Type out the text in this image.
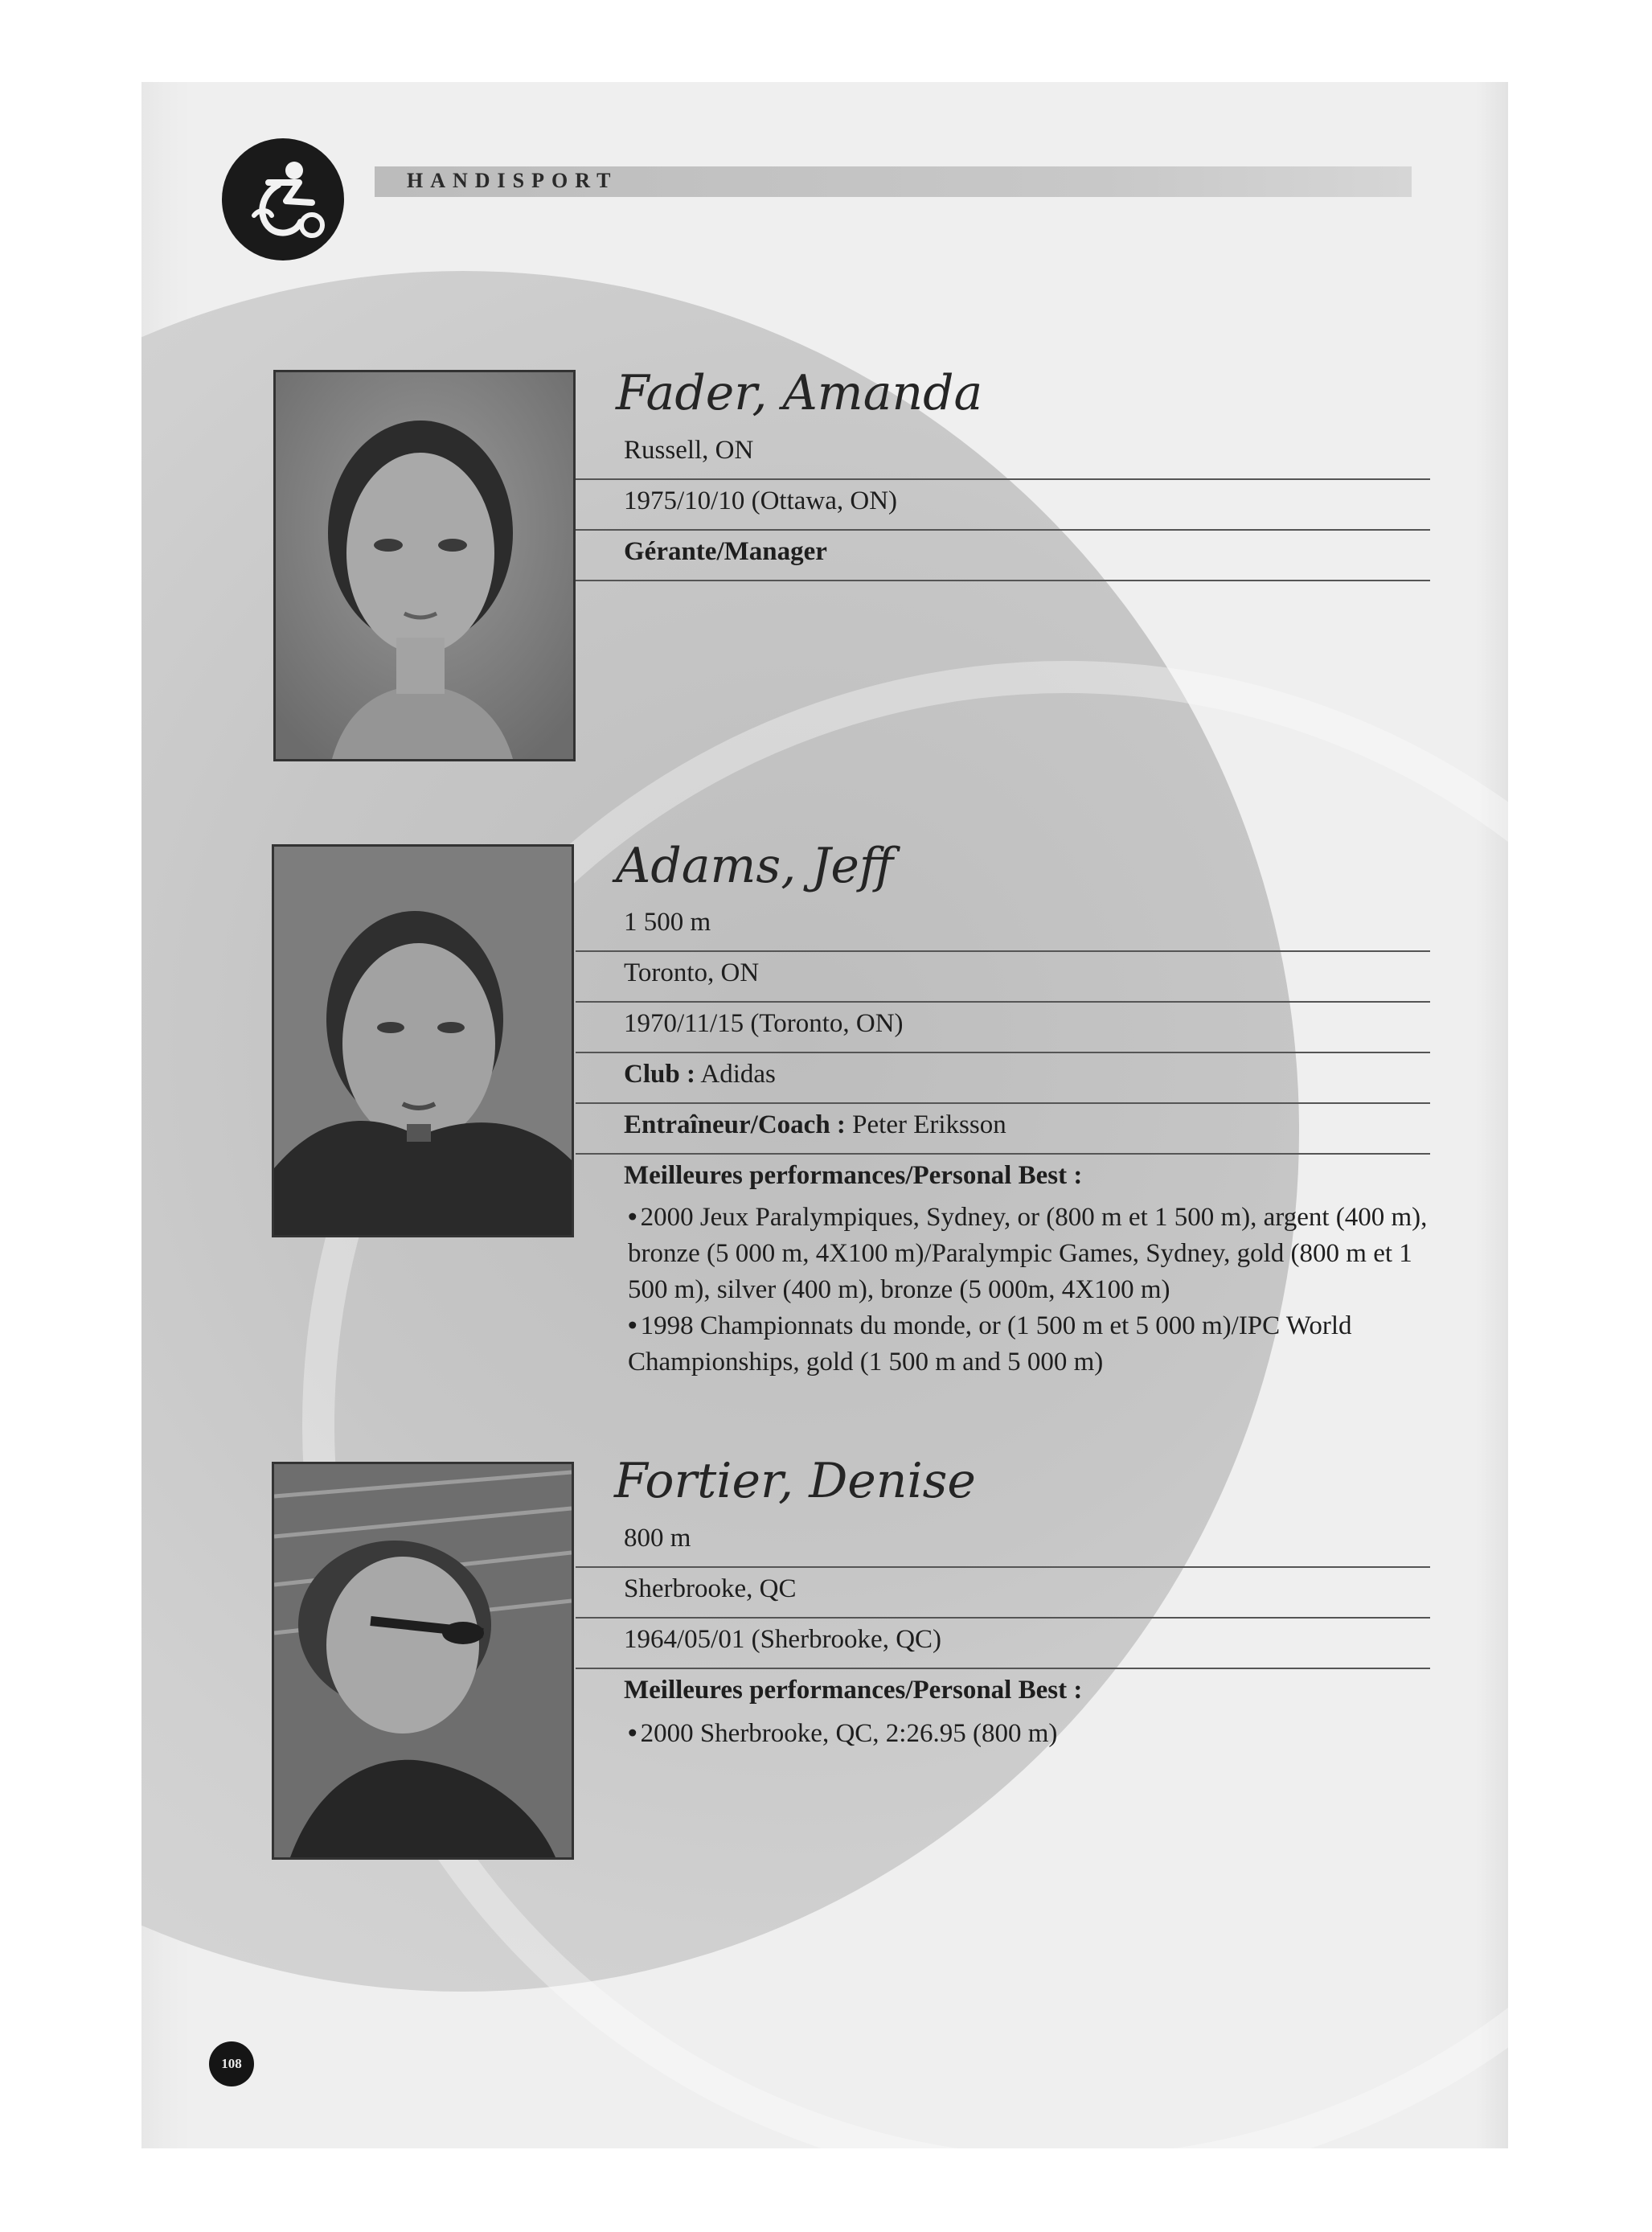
HANDISPORT
Fader, Amanda
Russell, ON
1975/10/10 (Ottawa, ON)
Gérante/Manager
Adams, Jeff
1 500 m
Toronto, ON
1970/11/15 (Toronto, ON)
Club : Adidas
Entraîneur/Coach : Peter Eriksson
Meilleures performances/Personal Best :
• 2000 Jeux Paralympiques, Sydney, or (800 m et 1 500 m), argent (400 m), bronze (5 000 m, 4X100 m)/Paralympic Games, Sydney, gold (800 m et 1 500 m), silver (400 m), bronze (5 000m, 4X100 m)
• 1998 Championnats du monde, or (1 500 m et 5 000 m)/IPC World Championships, gold (1 500 m and 5 000 m)
Fortier, Denise
800 m
Sherbrooke, QC
1964/05/01 (Sherbrooke, QC)
Meilleures performances/Personal Best :
• 2000 Sherbrooke, QC, 2:26.95 (800 m)
108
